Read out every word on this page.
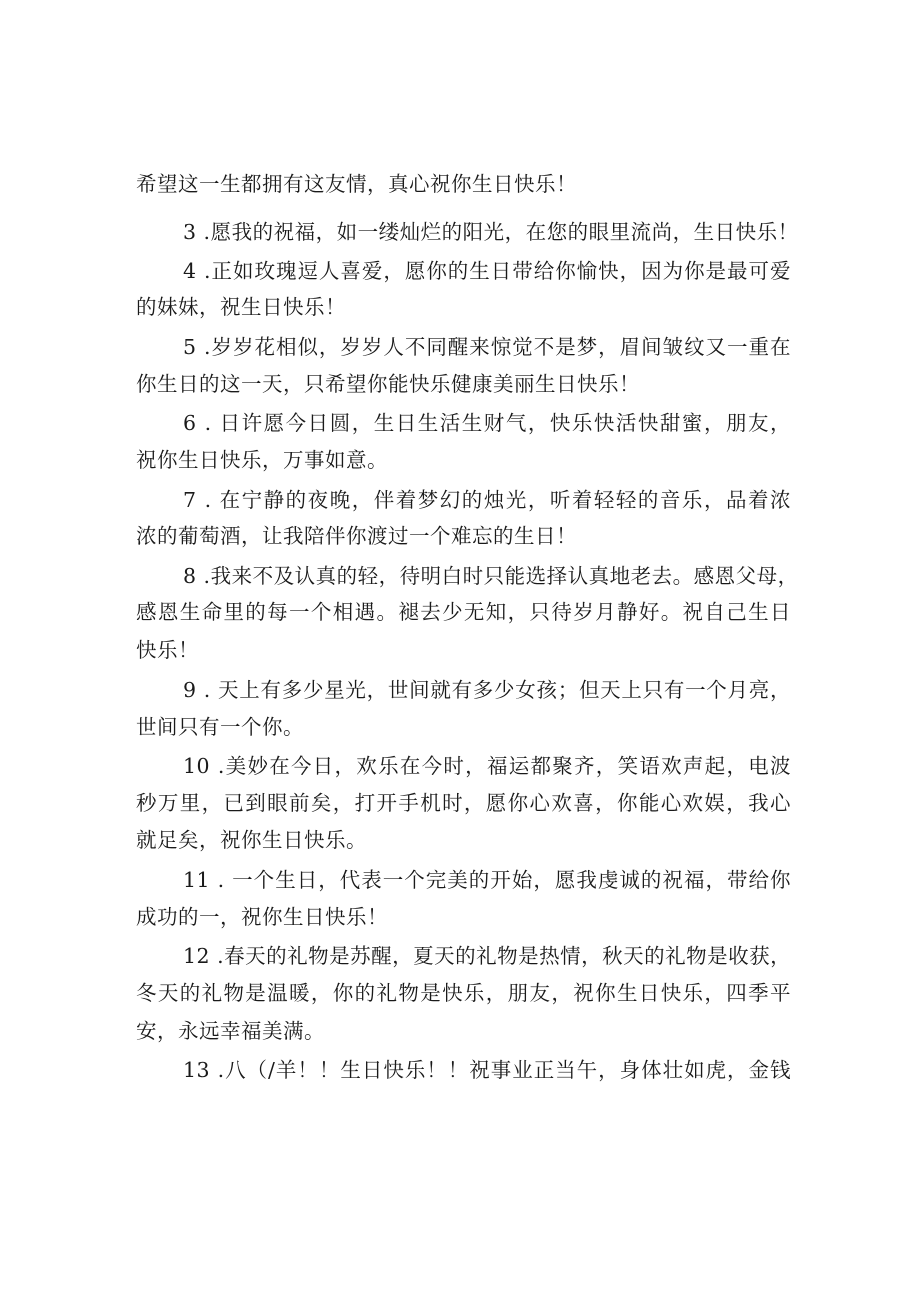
希望这一生都拥有这友情，真心祝你生日快乐！
3 .愿我的祝福，如一缕灿烂的阳光，在您的眼里流尚，生日快乐！
4 .正如玫瑰逗人喜爱，愿你的生日带给你愉快，因为你是最可爱
的妹妹，祝生日快乐！
5 .岁岁花相似，岁岁人不同醒来惊觉不是梦，眉间皱纹又一重在
你生日的这一天，只希望你能快乐健康美丽生日快乐！
6 . 日许愿今日圆，生日生活生财气，快乐快活快甜蜜，朋友，
祝你生日快乐，万事如意。
7 . 在宁静的夜晚，伴着梦幻的烛光，听着轻轻的音乐，品着浓
浓的葡萄酒，让我陪伴你渡过一个难忘的生日！
8 .我来不及认真的轻，待明白时只能选择认真地老去。感恩父母，
感恩生命里的每一个相遇。褪去少无知，只待岁月静好。祝自己生日
快乐！
9 . 天上有多少星光，世间就有多少女孩；但天上只有一个月亮，
世间只有一个你。
10 .美妙在今日，欢乐在今时，福运都聚齐，笑语欢声起，电波
秒万里，已到眼前矣，打开手机时，愿你心欢喜，你能心欢娱，我心
就足矣，祝你生日快乐。
11 . 一个生日，代表一个完美的开始，愿我虔诚的祝福，带给你
成功的一，祝你生日快乐！
12 .春天的礼物是苏醒，夏天的礼物是热情，秋天的礼物是收获，
冬天的礼物是温暖，你的礼物是快乐，朋友，祝你生日快乐，四季平
安，永远幸福美满。
13 .八（/羊！！生日快乐！！祝事业正当午，身体壮如虎，金钱
